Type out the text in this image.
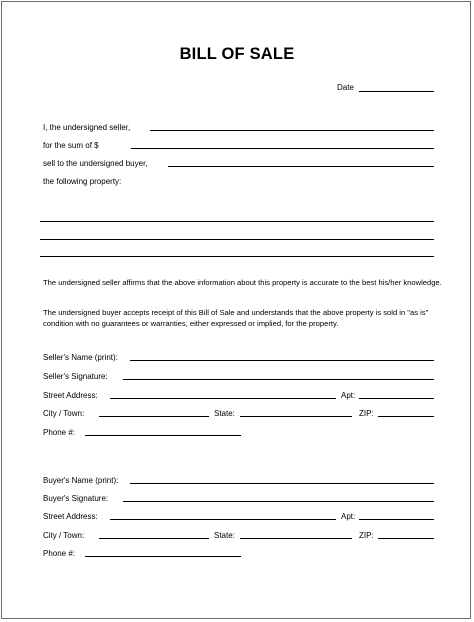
BILL OF SALE
Date
I, the undersigned seller,
for the sum of $
sell to the undersigned buyer,
the following property:
The undersigned seller affirms that the above information about this property is accurate to the best his/her knowledge.
The undersigned buyer accepts receipt of this Bill of Sale and understands that the above property is sold in "as is" condition with no guarantees or warranties, either expressed or implied, for the property.
Seller's Name (print):
Seller's Signature:
Street Address:	Apt:
City / Town:	State:	ZIP:
Phone #:
Buyer's Name (print):
Buyer's Signature:
Street Address:	Apt:
City / Town:	State:	ZIP:
Phone #:
